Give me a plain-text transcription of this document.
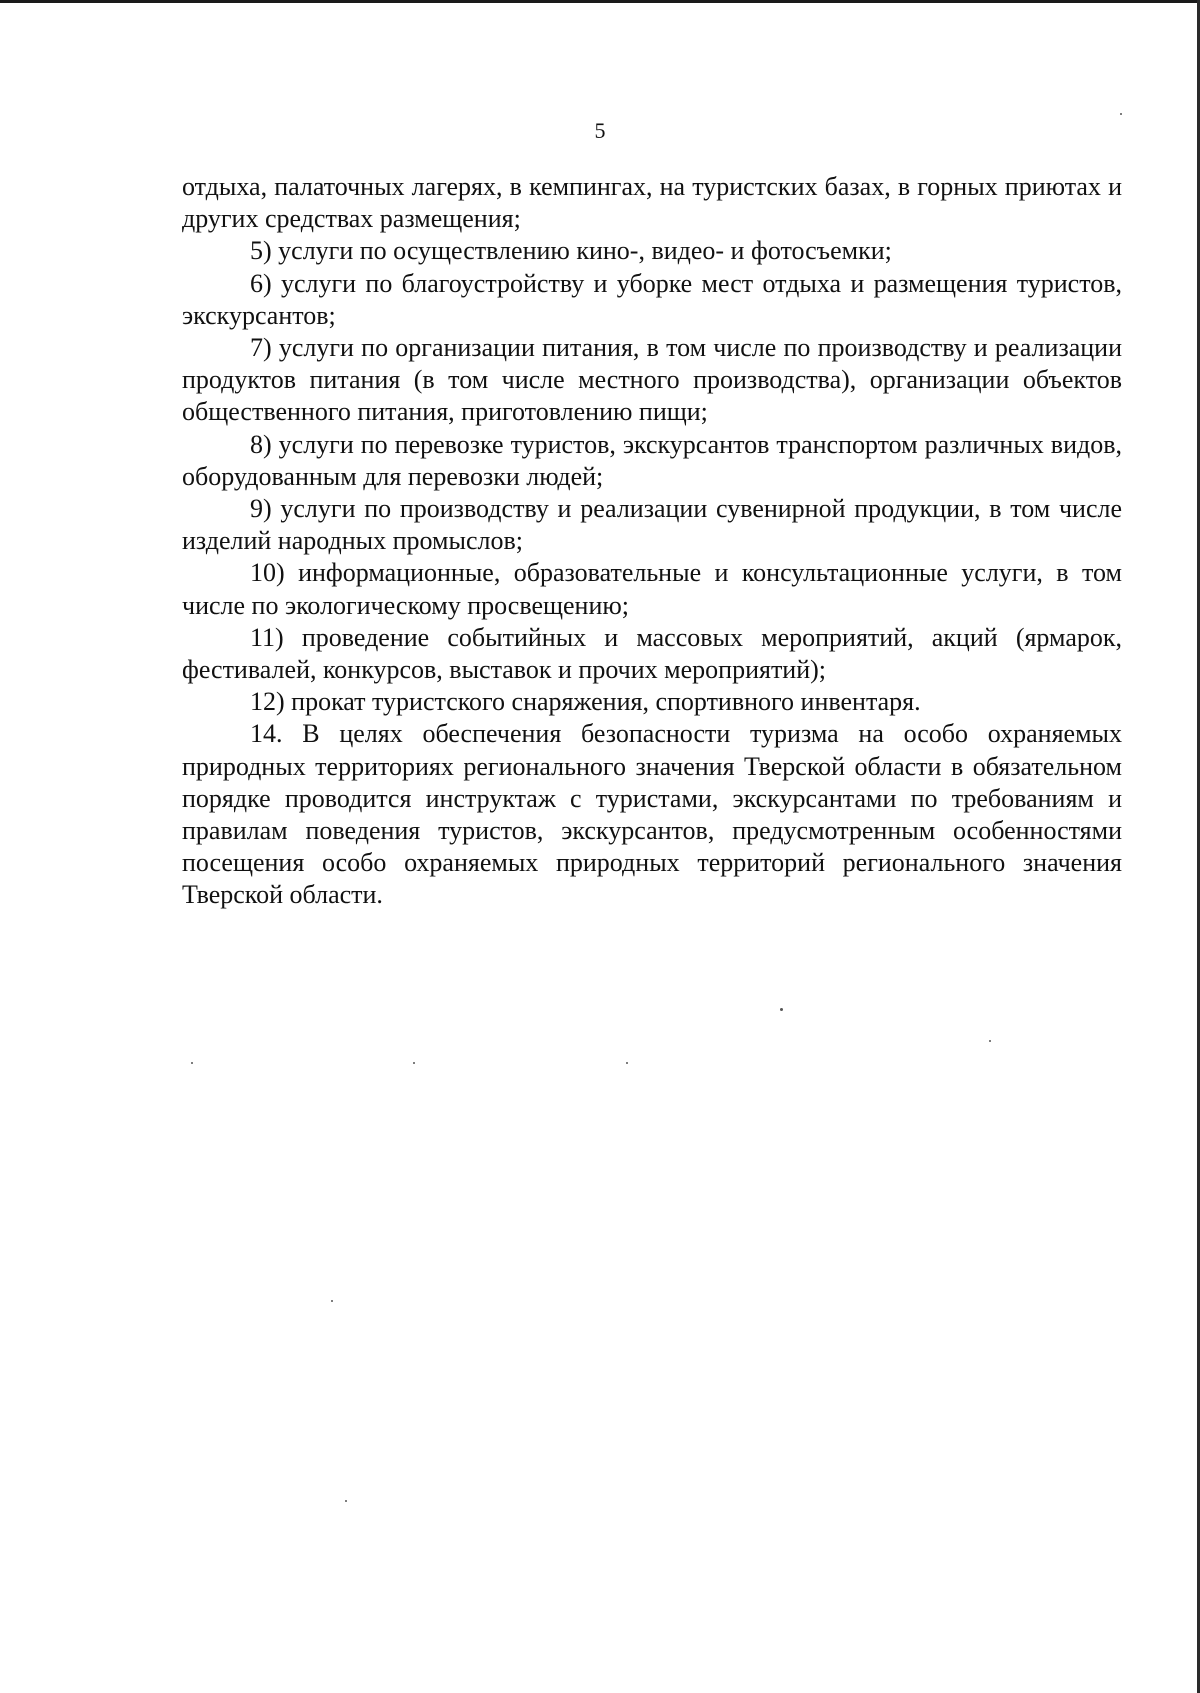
5

отдыха, палаточных лагерях, в кемпингах, на туристских базах, в горных приютах и других средствах размещения;

5) услуги по осуществлению кино-, видео- и фотосъемки;

6) услуги по благоустройству и уборке мест отдыха и размещения туристов, экскурсантов;

7) услуги по организации питания, в том числе по производству и реализации продуктов питания (в том числе местного производства), организации объектов общественного питания, приготовлению пищи;

8) услуги по перевозке туристов, экскурсантов транспортом различных видов, оборудованным для перевозки людей;

9) услуги по производству и реализации сувенирной продукции, в том числе изделий народных промыслов;

10) информационные, образовательные и консультационные услуги, в том числе по экологическому просвещению;

11) проведение событийных и массовых мероприятий, акций (ярмарок, фестивалей, конкурсов, выставок и прочих мероприятий);

12) прокат туристского снаряжения, спортивного инвентаря.

14. В целях обеспечения безопасности туризма на особо охраняемых природных территориях регионального значения Тверской области в обязательном порядке проводится инструктаж с туристами, экскурсантами по требованиям и правилам поведения туристов, экскурсантов, предусмотренным особенностями посещения особо охраняемых природных территорий регионального значения Тверской области.
